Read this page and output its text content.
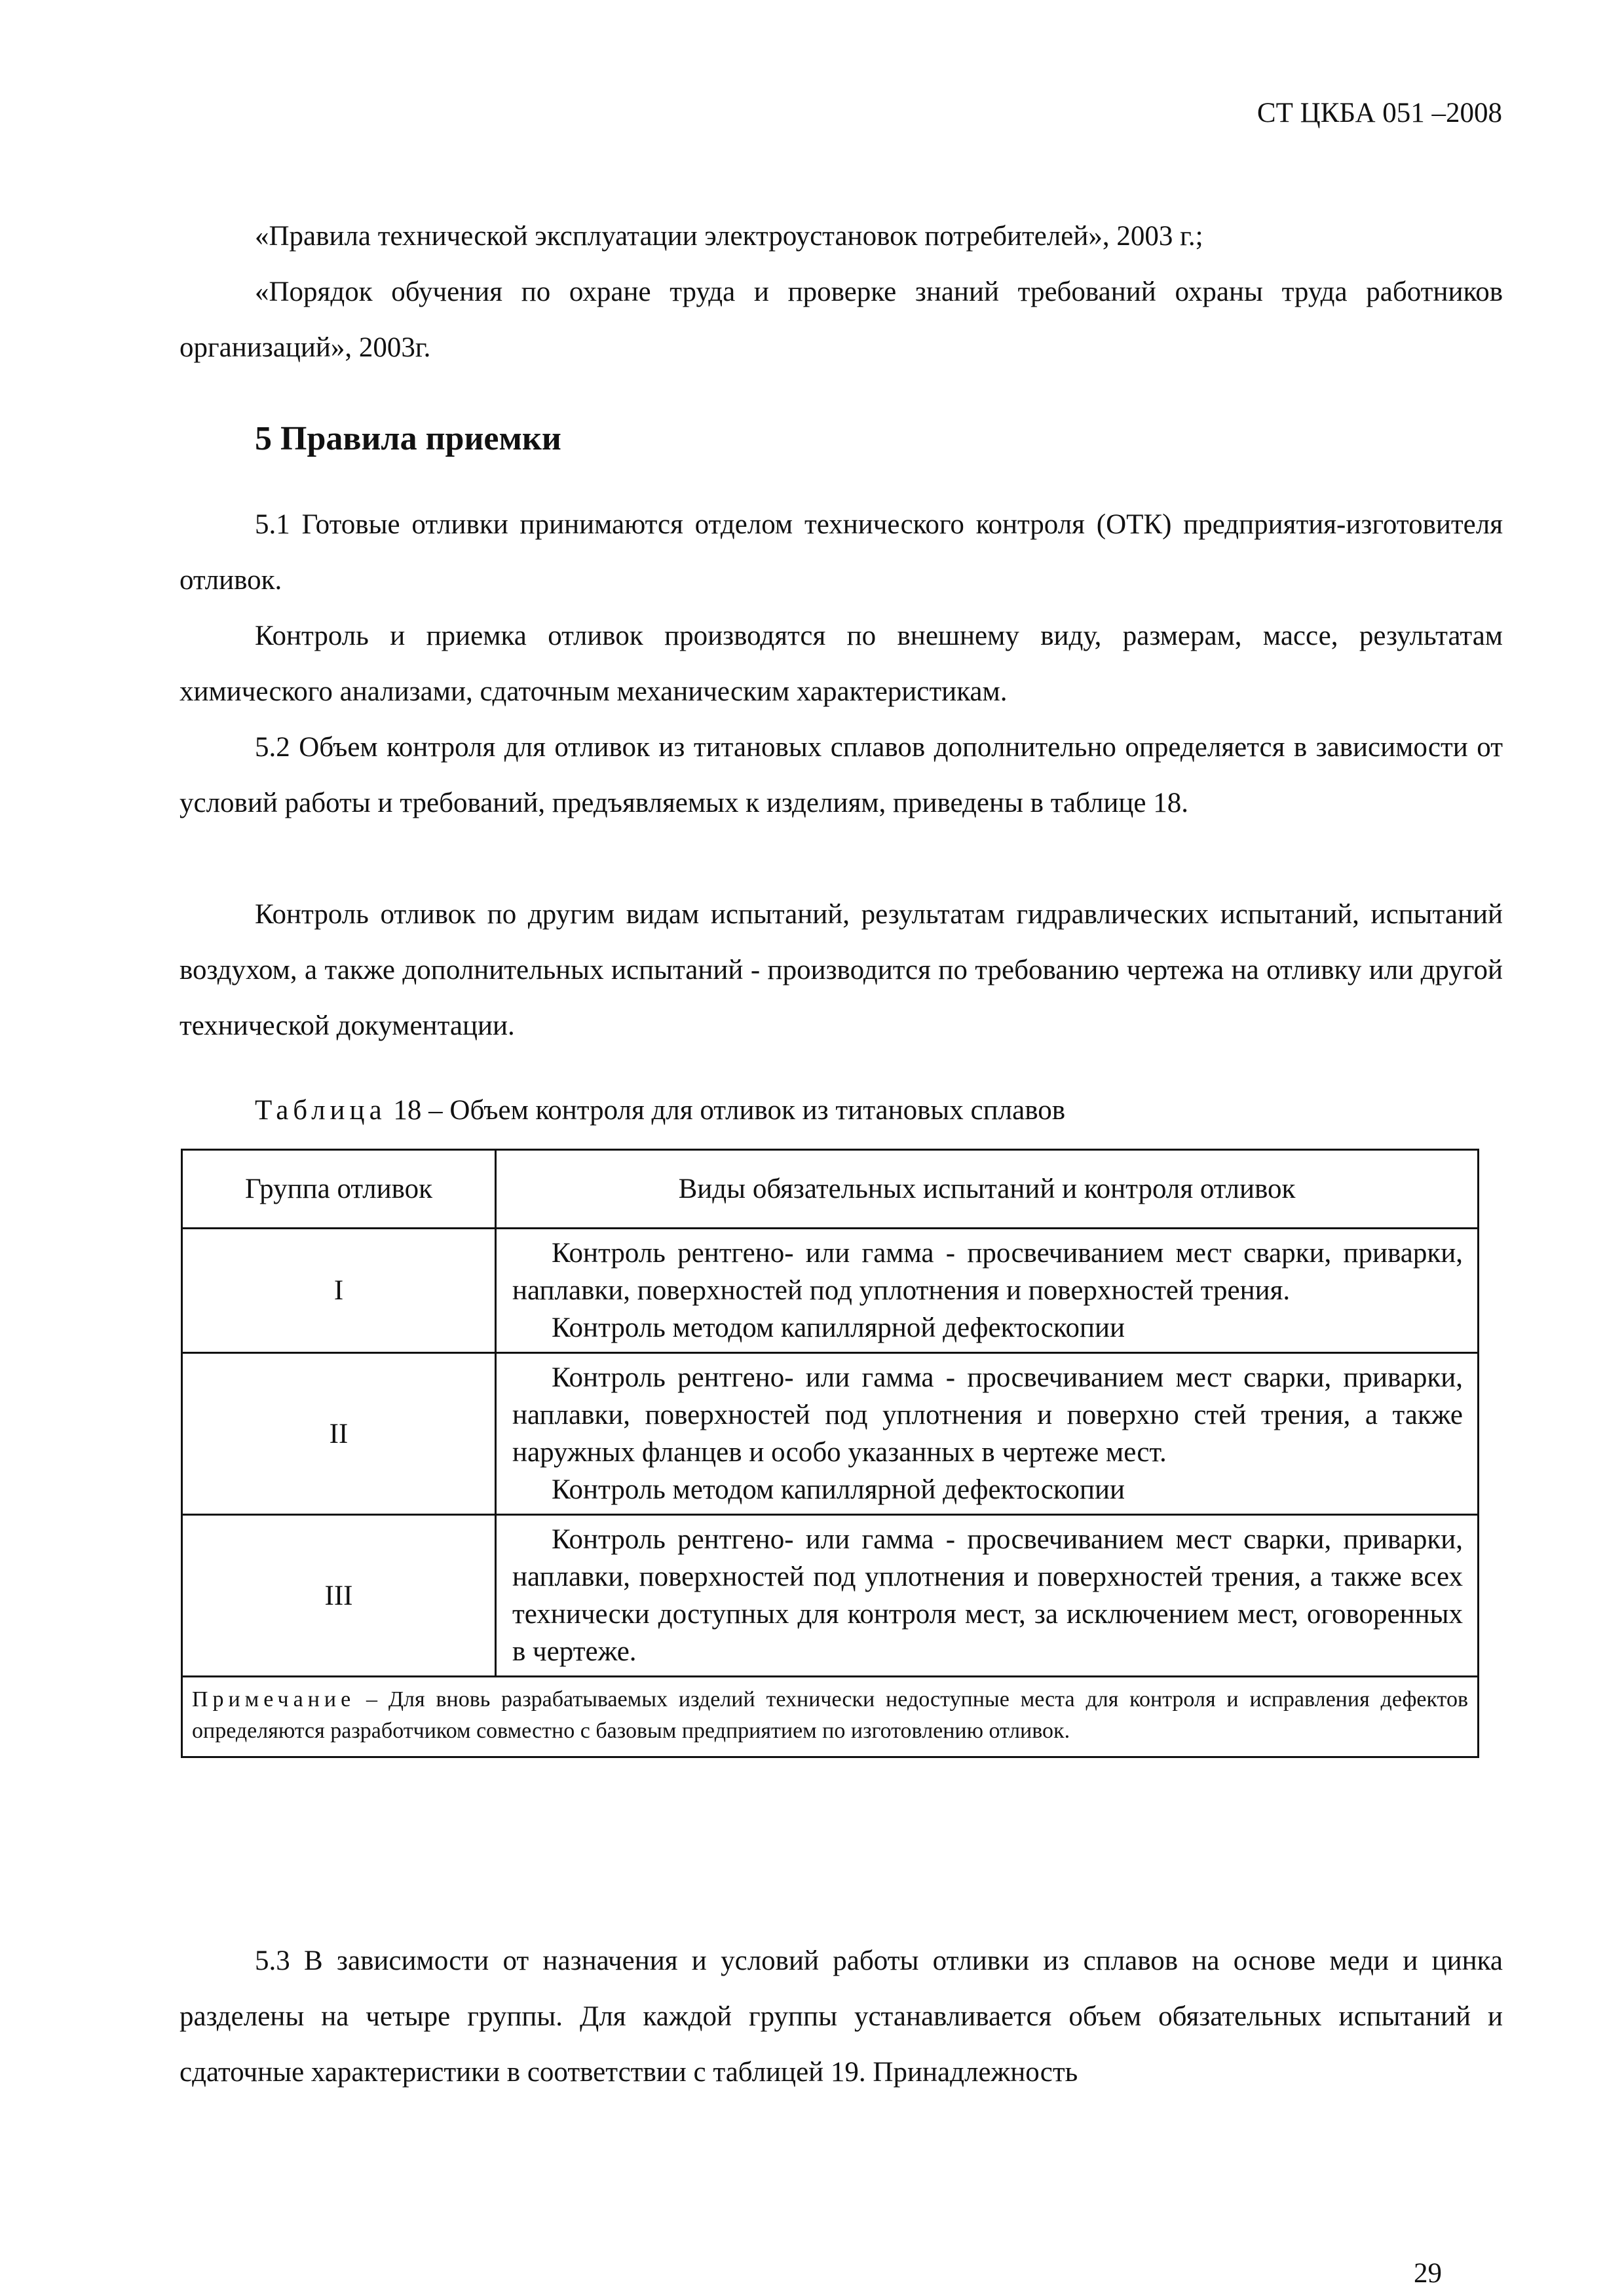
СТ ЦКБА 051 –2008

«Правила технической эксплуатации электроустановок потребителей», 2003 г.;

«Порядок обучения по охране труда и проверке знаний требований охраны труда работников организаций», 2003г.

5 Правила приемки

5.1 Готовые отливки принимаются отделом технического контроля (ОТК) предприятия-изготовителя отливок.

Контроль и приемка отливок производятся по внешнему виду, размерам, массе, результатам химического анализами, сдаточным механическим характеристикам.

5.2 Объем контроля для отливок из титановых сплавов дополнительно определяется в зависимости от условий работы и требований, предъявляемых к изделиям, приведены в таблице 18.

Контроль отливок по другим видам испытаний, результатам гидравлических испытаний, испытаний воздухом, а также дополнительных испытаний - производится по требованию чертежа на отливку или другой технической документации.

Таблица 18 – Объем контроля для отливок из титановых сплавов
Группа отливок	Виды обязательных испытаний и контроля отливок
I	Контроль рентгено- или гамма - просвечиванием мест сварки, приварки, наплавки, поверхностей под уплотнения и поверхностей трения.

Контроль методом капиллярной дефектоскопии

II	Контроль рентгено- или гамма - просвечиванием мест сварки, приварки, наплавки, поверхностей под уплотнения и поверхно стей трения, а также наружных фланцев и особо указанных в чертеже мест.

Контроль методом капиллярной дефектоскопии

III	Контроль рентгено- или гамма - просвечиванием мест сварки, приварки, наплавки, поверхностей под уплотнения и поверхностей трения, а также всех технически доступных для контроля мест, за исключением мест, оговоренных в чертеже.

Примечание – Для вновь разрабатываемых изделий технически недоступные места для контроля и исправления дефектов определяются разработчиком совместно с базовым предприятием по изготовлению отливок.	

5.3 В зависимости от назначения и условий работы отливки из сплавов на основе меди и цинка разделены на четыре группы. Для каждой группы устанавливается объем обязательных испытаний и сдаточные характеристики в соответствии с таблицей 19. Принадлежность

29
